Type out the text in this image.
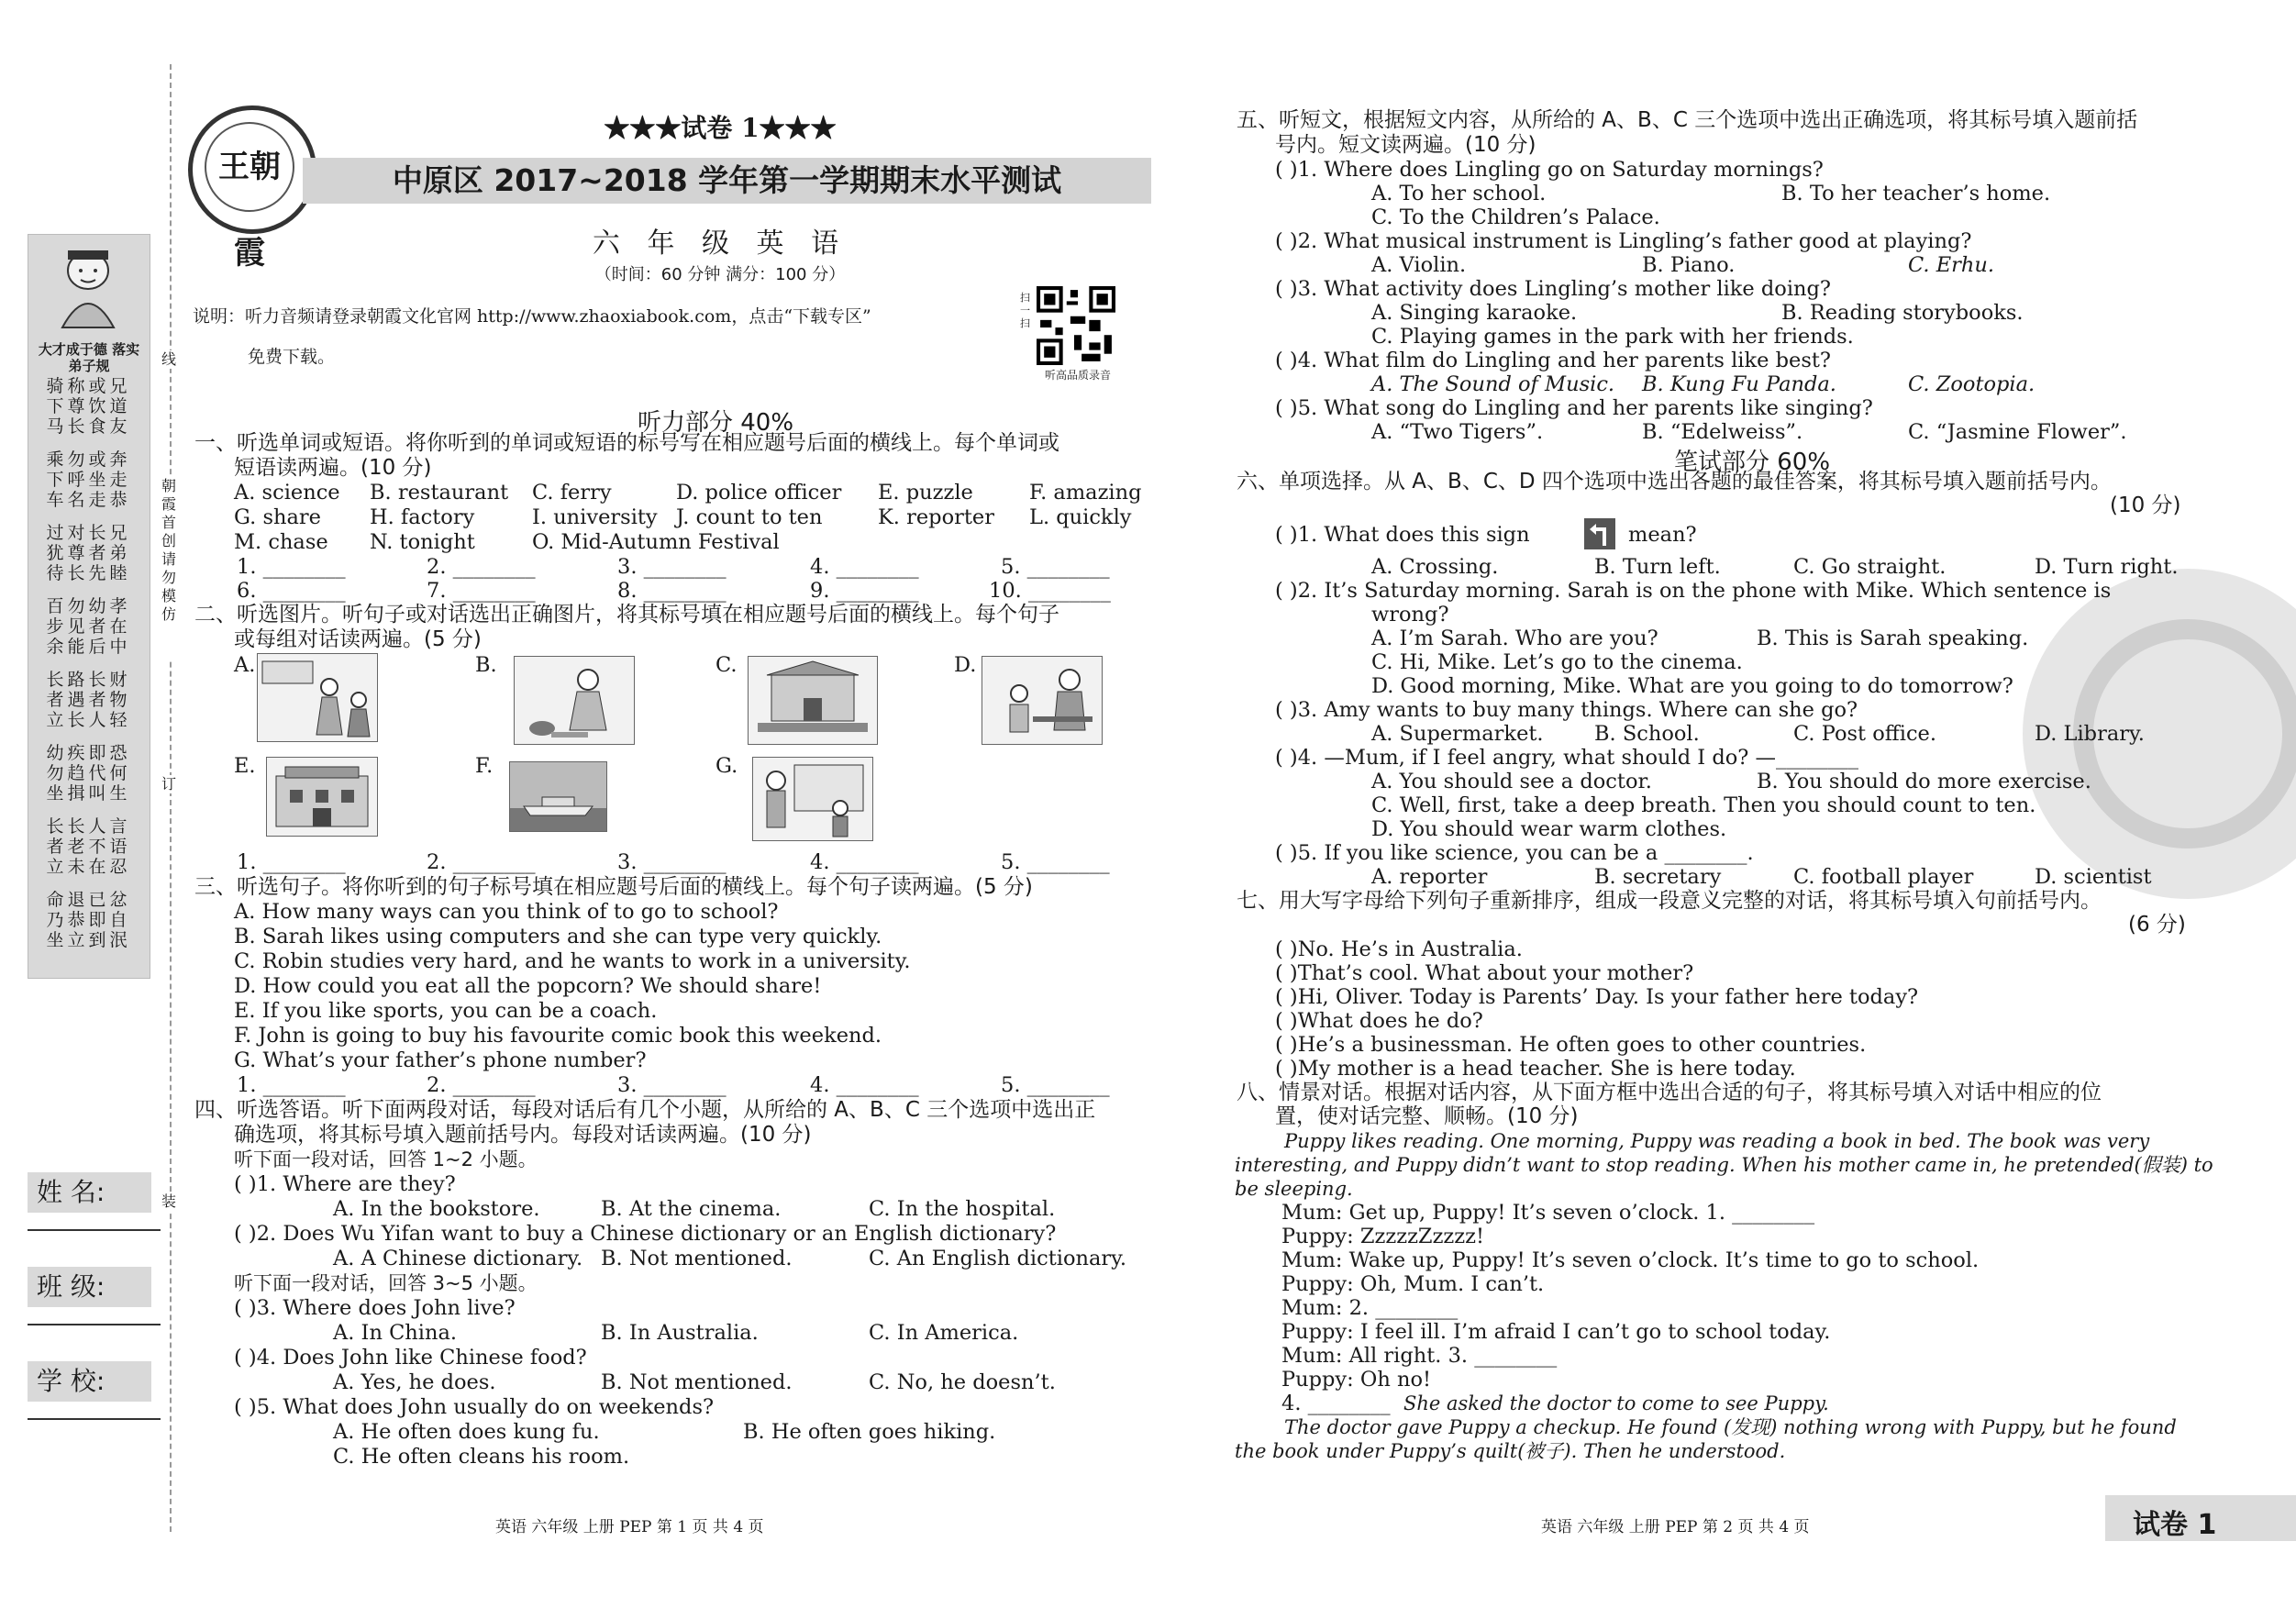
大才成于德 落实弟子规
骑称或兄 下尊饮道 马长食友
乘勿或奔 下呼坐走 车名走恭
过对长兄 犹尊者弟 待长先睦
百勿幼孝 步见者在 余能后中
长路长财 者遇者物 立长人轻
幼疾即恐 勿趋代何 坐揖叫生
长长人言 者老不语 立未在忍
命退已忿 乃恭即自 坐立到泯
线
朝霞首创 请勿模仿
订
装
姓 名:
班 级:
学 校:
王朝霞
★★★试卷 1★★★
中原区 2017~2018 学年第一学期期末水平测试
六 年 级 英 语
（时间：60 分钟 满分：100 分）
说明：听力音频请登录朝霞文化官网 http://www.zhaoxiabook.com，点击“下载专区”
免费下载。
扫一扫
听高品质录音
听力部分 40%
一、听选单词或短语。将你听到的单词或短语的标号写在相应题号后面的横线上。每个单词或
短语读两遍。(10 分)
A. science B. restaurant C. ferry	D. police officer E. puzzle	F. amazing
G. share H. factory	I. university J. count to ten	K. reporter L. quickly
M. chase N. tonight	O. Mid-Autumn Festival
1. ________	2. ________	3. ________	4. ________	5. ________
6. ________	7. ________	8. ________	9. ________	10. ________
二、听选图片。听句子或对话选出正确图片，将其标号填在相应题号后面的横线上。每个句子
或每组对话读两遍。(5 分)
A.	B.	C.	D.
E.	F.	G.
1. ________	2. ________	3. ________	4. ________	5. ________
三、听选句子。将你听到的句子标号填在相应题号后面的横线上。每个句子读两遍。(5 分)
A. How many ways can you think of to go to school?
B. Sarah likes using computers and she can type very quickly.
C. Robin studies very hard, and he wants to work in a university.
D. How could you eat all the popcorn? We should share!
E. If you like sports, you can be a coach.
F. John is going to buy his favourite comic book this weekend.
G. What’s your father’s phone number?
1. ________	2. ________	3. ________	4. ________	5. ________
四、听选答语。听下面两段对话，每段对话后有几个小题，从所给的 A、B、C 三个选项中选出正
确选项，将其标号填入题前括号内。每段对话读两遍。(10 分)
听下面一段对话，回答 1~2 小题。
( )1. Where are they?
A. In the bookstore.	B. At the cinema.	C. In the hospital.
( )2. Does Wu Yifan want to buy a Chinese dictionary or an English dictionary?
A. A Chinese dictionary. B. Not mentioned.	C. An English dictionary.
听下面一段对话，回答 3~5 小题。
( )3. Where does John live?
A. In China.	B. In Australia.	C. In America.
( )4. Does John like Chinese food?
A. Yes, he does.	B. Not mentioned.	C. No, he doesn’t.
( )5. What does John usually do on weekends?
A. He often does kung fu.	B. He often goes hiking.
C. He often cleans his room.
英语 六年级 上册 PEP 第 1 页 共 4 页
五、听短文，根据短文内容，从所给的 A、B、C 三个选项中选出正确选项，将其标号填入题前括
号内。短文读两遍。(10 分)
( )1. Where does Lingling go on Saturday mornings?
A. To her school.	B. To her teacher’s home.
C. To the Children’s Palace.
( )2. What musical instrument is Lingling’s father good at playing?
A. Violin.	B. Piano.	C. Erhu.
( )3. What activity does Lingling’s mother like doing?
A. Singing karaoke.	B. Reading storybooks.
C. Playing games in the park with her friends.
( )4. What film do Lingling and her parents like best?
A. The Sound of Music. B. Kung Fu Panda.	C. Zootopia.
( )5. What song do Lingling and her parents like singing?
A. “Two Tigers”.	B. “Edelweiss”.	C. “Jasmine Flower”.
笔试部分 60%
六、单项选择。从 A、B、C、D 四个选项中选出各题的最佳答案，将其标号填入题前括号内。
(10 分)
( )1. What does this sign	mean?
A. Crossing.	B. Turn left.	C. Go straight.	D. Turn right.
( )2. It’s Saturday morning. Sarah is on the phone with Mike. Which sentence is
wrong?
A. I’m Sarah. Who are you?	B. This is Sarah speaking.
C. Hi, Mike. Let’s go to the cinema.
D. Good morning, Mike. What are you going to do tomorrow?
( )3. Amy wants to buy many things. Where can she go?
A. Supermarket. B. School.	C. Post office.	D. Library.
( )4. —Mum, if I feel angry, what should I do? —________
A. You should see a doctor.	B. You should do more exercise.
C. Well, first, take a deep breath. Then you should count to ten.
D. You should wear warm clothes.
( )5. If you like science, you can be a ________.
A. reporter	B. secretary	C. football player	D. scientist
七、用大写字母给下列句子重新排序，组成一段意义完整的对话，将其标号填入句前括号内。
(6 分)
( )No. He’s in Australia.
( )That’s cool. What about your mother?
( )Hi, Oliver. Today is Parents’ Day. Is your father here today?
( )What does he do?
( )He’s a businessman. He often goes to other countries.
( )My mother is a head teacher. She is here today.
八、情景对话。根据对话内容，从下面方框中选出合适的句子，将其标号填入对话中相应的位
置，使对话完整、顺畅。(10 分)
Puppy likes reading. One morning, Puppy was reading a book in bed. The book was very
interesting, and Puppy didn’t want to stop reading. When his mother came in, he pretended(假装) to
be sleeping.
Mum: Get up, Puppy! It’s seven o’clock. 1. ________
Puppy: ZzzzzZzzzz!
Mum: Wake up, Puppy! It’s seven o’clock. It’s time to go to school.
Puppy: Oh, Mum. I can’t.
Mum: 2. ________
Puppy: I feel ill. I’m afraid I can’t go to school today.
Mum: All right. 3. ________
Puppy: Oh no!
4. ________ She asked the doctor to come to see Puppy.
The doctor gave Puppy a checkup. He found (发现) nothing wrong with Puppy, but he found
the book under Puppy’s quilt(被子). Then he understood.
英语 六年级 上册 PEP 第 2 页 共 4 页	试卷 1
